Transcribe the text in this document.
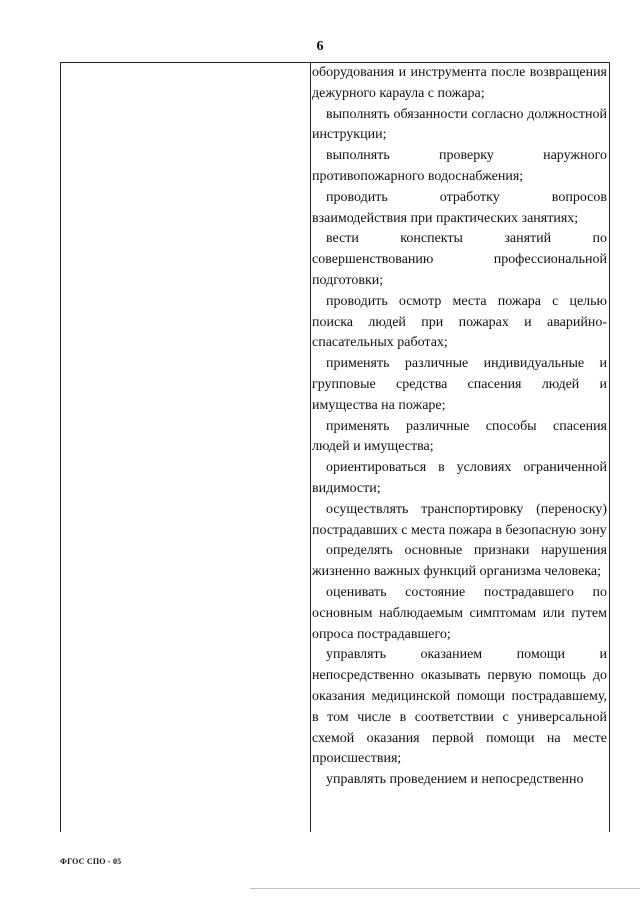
6

оборудования и инструмента после возвращения дежурного караула с пожара;

выполнять обязанности согласно должностной инструкции;

выполнять проверку наружного противопожарного водоснабжения;

проводить отработку вопросов взаимодействия при практических занятиях;

вести конспекты занятий по совершенствованию профессиональной подготовки;

проводить осмотр места пожара с целью поиска людей при пожарах и аварийно-спасательных работах;

применять различные индивидуальные и групповые средства спасения людей и имущества на пожаре;

применять различные способы спасения людей и имущества;

ориентироваться в условиях ограниченной видимости;

осуществлять транспортировку (переноску) пострадавших с места пожара в безопасную зону

определять основные признаки нарушения жизненно важных функций организма человека;

оценивать состояние пострадавшего по основным наблюдаемым симптомам или путем опроса пострадавшего;

управлять оказанием помощи и непосредственно оказывать первую помощь до оказания медицинской помощи пострадавшему, в том числе в соответствии с универсальной схемой оказания первой помощи на месте происшествия;

управлять проведением и непосредственно

ФГОС СПО - 05
